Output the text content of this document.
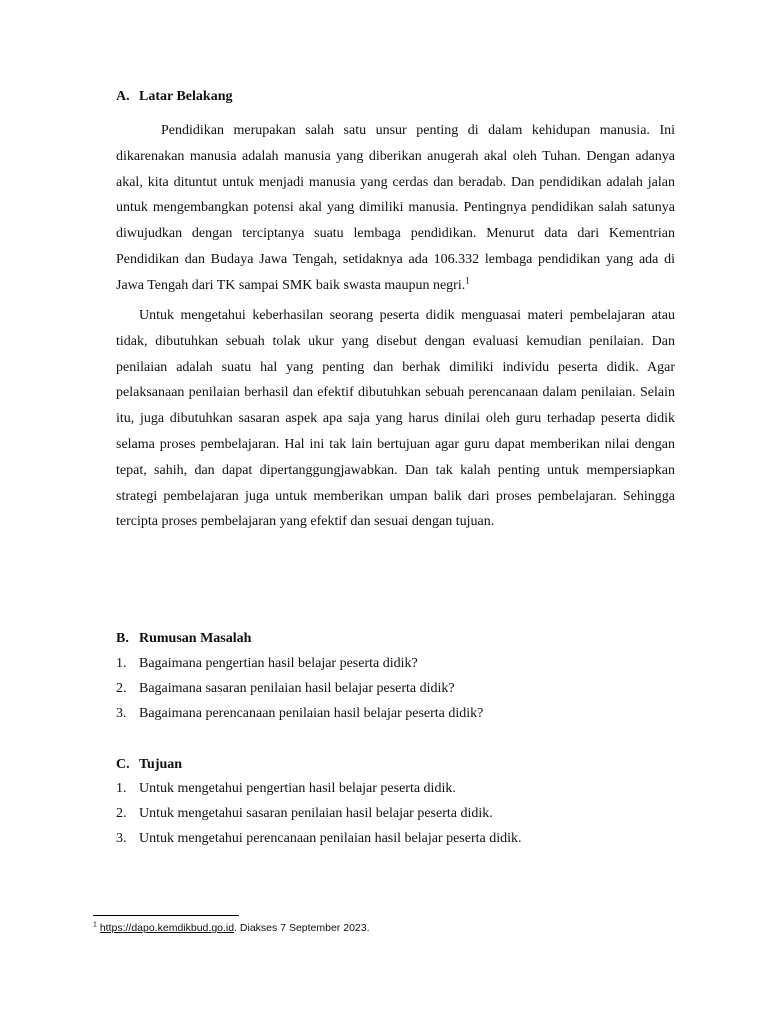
A. Latar Belakang

Pendidikan merupakan salah satu unsur penting di dalam kehidupan manusia. Ini dikarenakan manusia adalah manusia yang diberikan anugerah akal oleh Tuhan. Dengan adanya akal, kita dituntut untuk menjadi manusia yang cerdas dan beradab. Dan pendidikan adalah jalan untuk mengembangkan potensi akal yang dimiliki manusia. Pentingnya pendidikan salah satunya diwujudkan dengan terciptanya suatu lembaga pendidikan. Menurut data dari Kementrian Pendidikan dan Budaya Jawa Tengah, setidaknya ada 106.332 lembaga pendidikan yang ada di Jawa Tengah dari TK sampai SMK baik swasta maupun negri.$^1$

Untuk mengetahui keberhasilan seorang peserta didik menguasai materi pembelajaran atau tidak, dibutuhkan sebuah tolak ukur yang disebut dengan evaluasi kemudian penilaian. Dan penilaian adalah suatu hal yang penting dan berhak dimiliki individu peserta didik. Agar pelaksanaan penilaian berhasil dan efektif dibutuhkan sebuah perencanaan dalam penilaian. Selain itu, juga dibutuhkan sasaran aspek apa saja yang harus dinilai oleh guru terhadap peserta didik selama proses pembelajaran. Hal ini tak lain bertujuan agar guru dapat memberikan nilai dengan tepat, sahih, dan dapat dipertanggungjawabkan. Dan tak kalah penting untuk mempersiapkan strategi pembelajaran juga untuk memberikan umpan balik dari proses pembelajaran. Sehingga tercipta proses pembelajaran yang efektif dan sesuai dengan tujuan.

B. Rumusan Masalah
1. Bagaimana pengertian hasil belajar peserta didik?
2. Bagaimana sasaran penilaian hasil belajar peserta didik?
3. Bagaimana perencanaan penilaian hasil belajar peserta didik?
C. Tujuan
1. Untuk mengetahui pengertian hasil belajar peserta didik.
2. Untuk mengetahui sasaran penilaian hasil belajar peserta didik.
3. Untuk mengetahui perencanaan penilaian hasil belajar peserta didik.
$^1$ https://dapo.kemdikbud.go.id. Diakses 7 September 2023.
